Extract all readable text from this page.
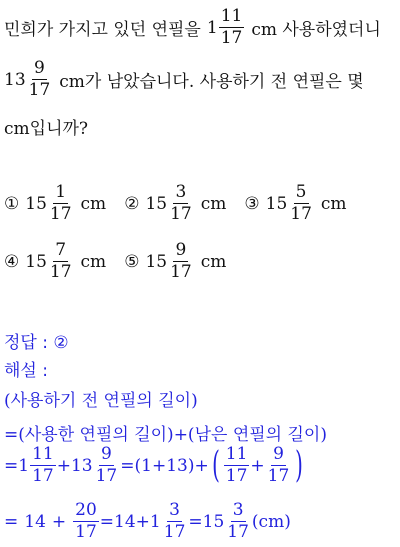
민희가 가지고 있던 연필을 $1 \frac{11}{17}$ cm 사용하였더니
$13 \frac{9}{17}$ cm가 남았습니다. 사용하기 전 연필은 몇
cm입니까?
① $15 \frac{1}{17}$ cm ② $15 \frac{3}{17}$ cm ③ $15 \frac{5}{17}$ cm
④ $15 \frac{7}{17}$ cm ⑤ $15 \frac{9}{17}$ cm
정답 : ②
해설 :
(사용하기 전 연필의 길이)
=(사용한 연필의 길이)+(남은 연필의 길이)
= $1 \frac{11}{17} + 13 \frac{9}{17} = (1+13)$ + ( $\frac{11}{17} + \frac{9}{17}$ )
= $14 + \frac{20}{17} = 14 + 1 \frac{3}{17} = 15 \frac{3}{17} (cm)$
